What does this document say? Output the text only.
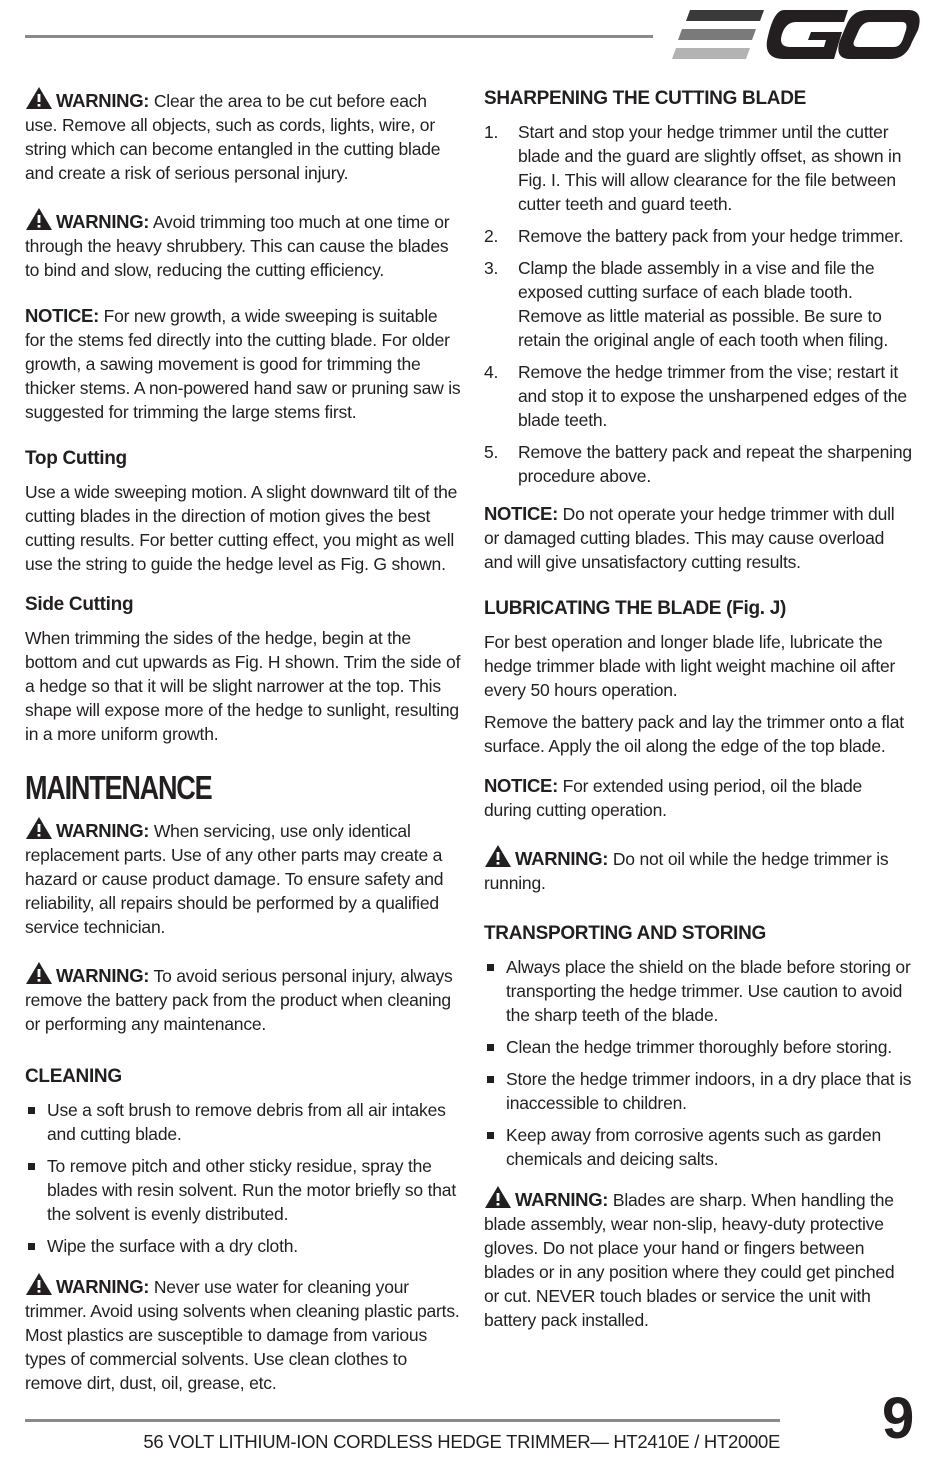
WARNING: Clear the area to be cut before each use. Remove all objects, such as cords, lights, wire, or string which can become entangled in the cutting blade and create a risk of serious personal injury.

WARNING: Avoid trimming too much at one time or through the heavy shrubbery. This can cause the blades to bind and slow, reducing the cutting efficiency.

NOTICE: For new growth, a wide sweeping is suitable for the stems fed directly into the cutting blade. For older growth, a sawing movement is good for trimming the thicker stems. A non-powered hand saw or pruning saw is suggested for trimming the large stems first.

Top Cutting

Use a wide sweeping motion. A slight downward tilt of the cutting blades in the direction of motion gives the best cutting results. For better cutting effect, you might as well use the string to guide the hedge level as Fig. G shown.

Side Cutting

When trimming the sides of the hedge, begin at the bottom and cut upwards as Fig. H shown. Trim the side of a hedge so that it will be slight narrower at the top. This shape will expose more of the hedge to sunlight, resulting in a more uniform growth.

MAINTENANCE

WARNING: When servicing, use only identical replacement parts. Use of any other parts may create a hazard or cause product damage. To ensure safety and reliability, all repairs should be performed by a qualified service technician.

WARNING: To avoid serious personal injury, always remove the battery pack from the product when cleaning or performing any maintenance.

CLEANING
Use a soft brush to remove debris from all air intakes and cutting blade.
To remove pitch and other sticky residue, spray the blades with resin solvent. Run the motor briefly so that the solvent is evenly distributed.
Wipe the surface with a dry cloth.

WARNING: Never use water for cleaning your trimmer. Avoid using solvents when cleaning plastic parts. Most plastics are susceptible to damage from various types of commercial solvents. Use clean clothes to remove dirt, dust, oil, grease, etc.

SHARPENING THE CUTTING BLADE
1. Start and stop your hedge trimmer until the cutter blade and the guard are slightly offset, as shown in Fig. I. This will allow clearance for the file between cutter teeth and guard teeth.
2. Remove the battery pack from your hedge trimmer.
3. Clamp the blade assembly in a vise and file the exposed cutting surface of each blade tooth. Remove as little material as possible. Be sure to retain the original angle of each tooth when filing.
4. Remove the hedge trimmer from the vise; restart it and stop it to expose the unsharpened edges of the blade teeth.
5. Remove the battery pack and repeat the sharpening procedure above.

NOTICE: Do not operate your hedge trimmer with dull or damaged cutting blades. This may cause overload and will give unsatisfactory cutting results.

LUBRICATING THE BLADE (Fig. J)

For best operation and longer blade life, lubricate the hedge trimmer blade with light weight machine oil after every 50 hours operation.

Remove the battery pack and lay the trimmer onto a flat surface. Apply the oil along the edge of the top blade.

NOTICE: For extended using period, oil the blade during cutting operation.

WARNING: Do not oil while the hedge trimmer is running.

TRANSPORTING AND STORING
Always place the shield on the blade before storing or transporting the hedge trimmer. Use caution to avoid the sharp teeth of the blade.
Clean the hedge trimmer thoroughly before storing.
Store the hedge trimmer indoors, in a dry place that is inaccessible to children.
Keep away from corrosive agents such as garden chemicals and deicing salts.

WARNING: Blades are sharp. When handling the blade assembly, wear non-slip, heavy-duty protective gloves. Do not place your hand or fingers between blades or in any position where they could get pinched or cut. NEVER touch blades or service the unit with battery pack installed.

56 VOLT LITHIUM-ION CORDLESS HEDGE TRIMMER— HT2410E / HT2000E 9
